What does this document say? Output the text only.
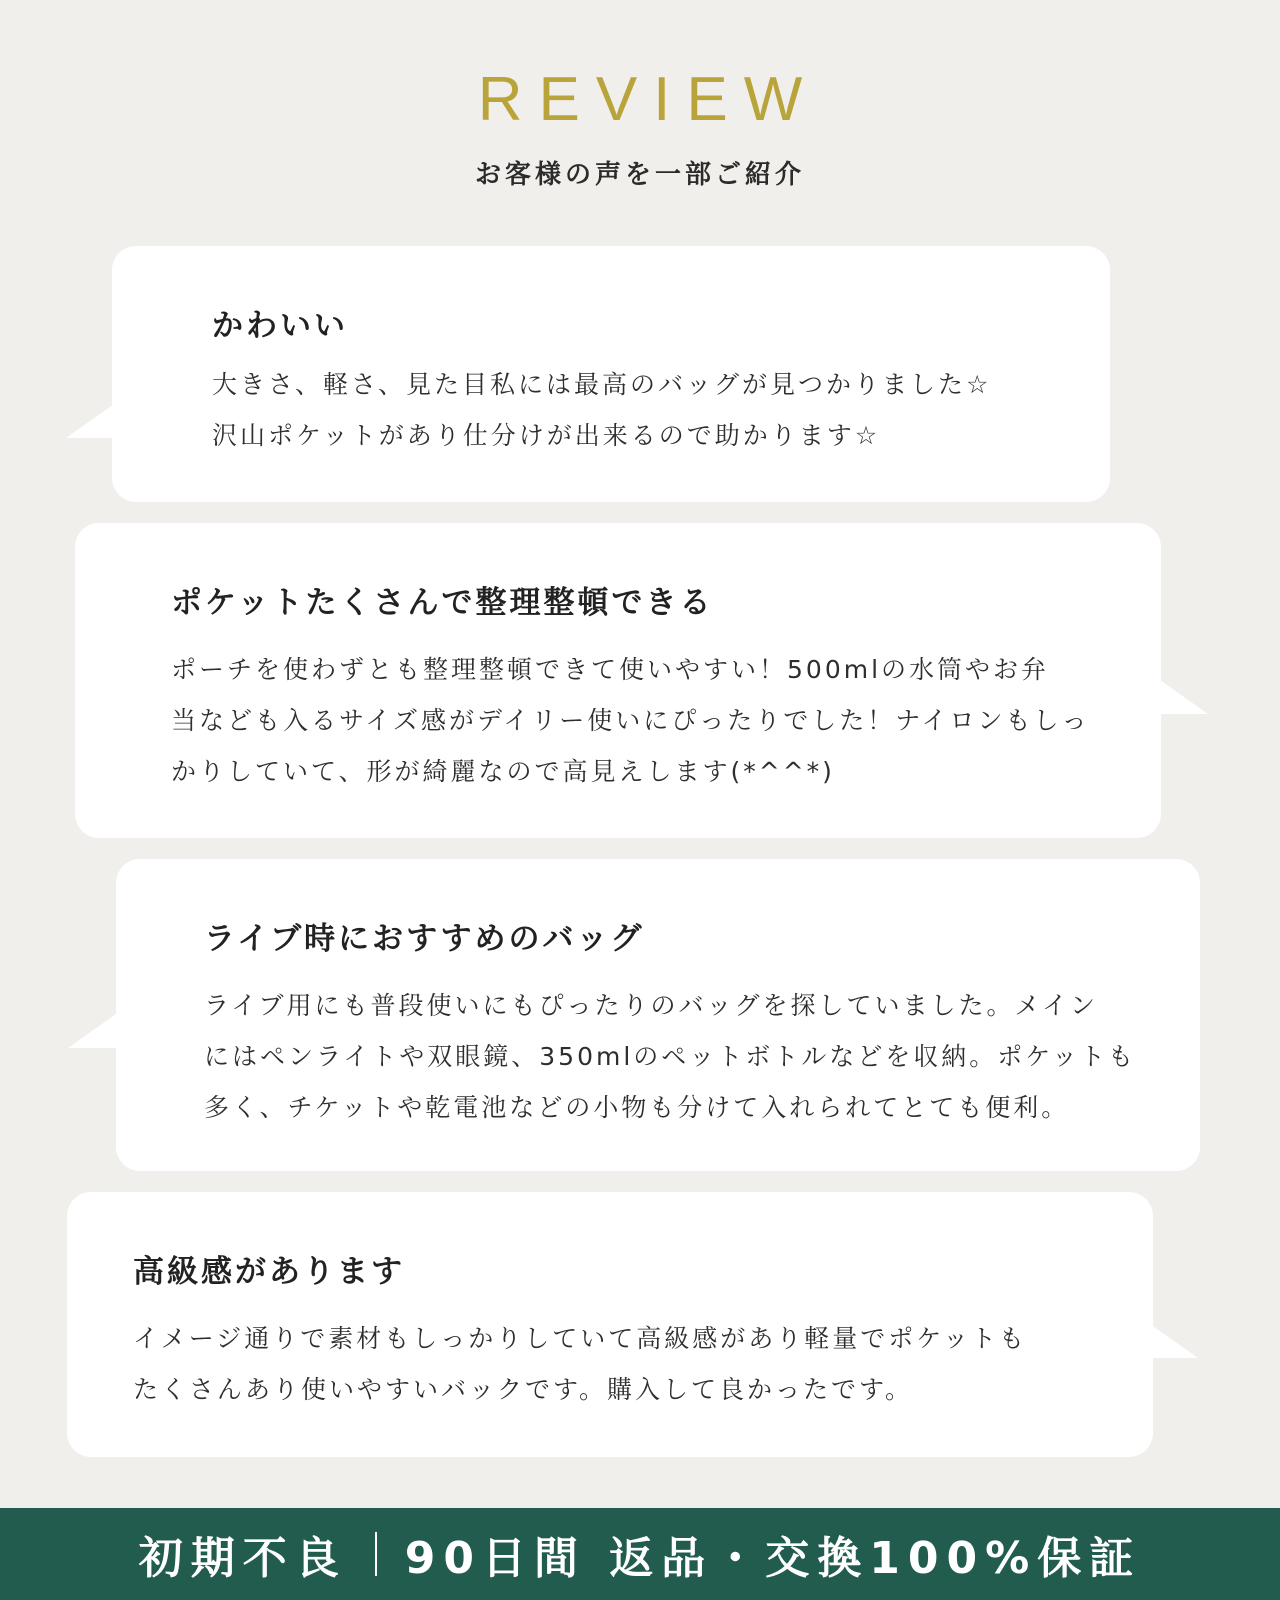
REVIEW
お客様の声を一部ご紹介
かわいい
大きさ、軽さ、見た目私には最高のバッグが見つかりました☆
沢山ポケットがあり仕分けが出来るので助かります☆
ポケットたくさんで整理整頓できる
ポーチを使わずとも整理整頓できて使いやすい！500mlの水筒やお弁
当なども入るサイズ感がデイリー使いにぴったりでした！ナイロンもしっ
かりしていて、形が綺麗なので高見えします(*^^*)
ライブ時におすすめのバッグ
ライブ用にも普段使いにもぴったりのバッグを探していました。メイン
にはペンライトや双眼鏡、350mlのペットボトルなどを収納。ポケットも
多く、チケットや乾電池などの小物も分けて入れられてとても便利。
高級感があります
イメージ通りで素材もしっかりしていて高級感があり軽量でポケットも
たくさんあり使いやすいバックです。購入して良かったです。
初期不良 90日間 返品・交換100%保証
